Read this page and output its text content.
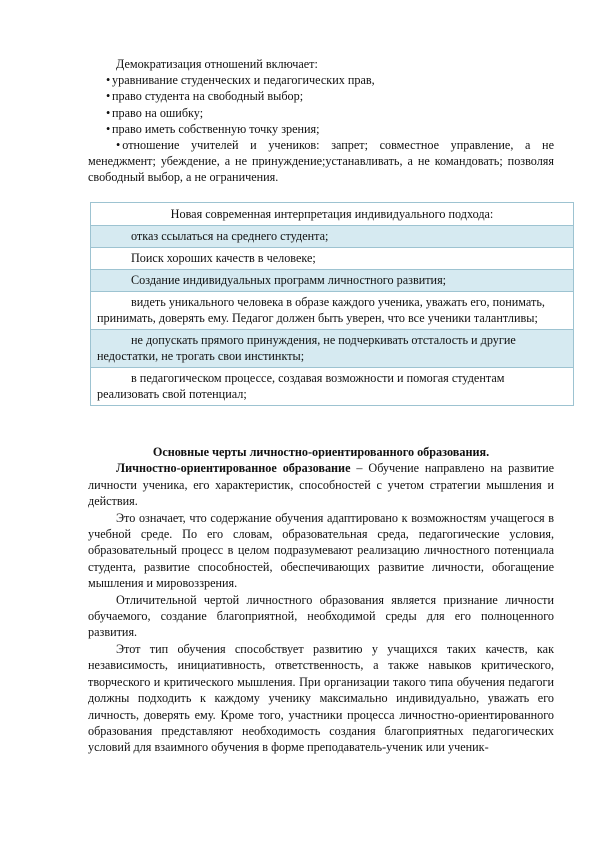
Демократизация отношений включает:

• уравнивание студенческих и педагогических прав,
• право студента на свободный выбор;
• право на ошибку;
• право иметь собственную точку зрения;
• отношение учителей и учеников: запрет; совместное управление, а не менеджмент; убеждение, а не принуждение;устанавливать, а не командовать; позволяя свободный выбор, а не ограничения.
Новая современная интерпретация индивидуального подхода:

отказ ссылаться на среднего студента;

Поиск хороших качеств в человеке;

Создание индивидуальных программ личностного развития;

видеть уникального человека в образе каждого ученика, уважать его, понимать, принимать, доверять ему. Педагог должен быть уверен, что все ученики талантливы;

не допускать прямого принуждения, не подчеркивать отсталость и другие недостатки, не трогать свои инстинкты;

в педагогическом процессе, создавая возможности и помогая студентам реализовать свой потенциал;

Основные черты личностно-ориентированного образования.

Личностно-ориентированное образование – Обучение направлено на развитие личности ученика, его характеристик, способностей с учетом стратегии мышления и действия.

Это означает, что содержание обучения адаптировано к возможностям учащегося в учебной среде. По его словам, образовательная среда, педагогические условия, образовательный процесс в целом подразумевают реализацию личностного потенциала студента, развитие способностей, обеспечивающих развитие личности, обогащение мышления и мировоззрения.

Отличительной чертой личностного образования является признание личности обучаемого, создание благоприятной, необходимой среды для его полноценного развития.

Этот тип обучения способствует развитию у учащихся таких качеств, как независимость, инициативность, ответственность, а также навыков критического, творческого и критического мышления. При организации такого типа обучения педагоги должны подходить к каждому ученику максимально индивидуально, уважать его личность, доверять ему. Кроме того, участники процесса личностно-ориентированного образования представляют необходимость создания благоприятных педагогических условий для взаимного обучения в форме преподаватель-ученик или ученик-
